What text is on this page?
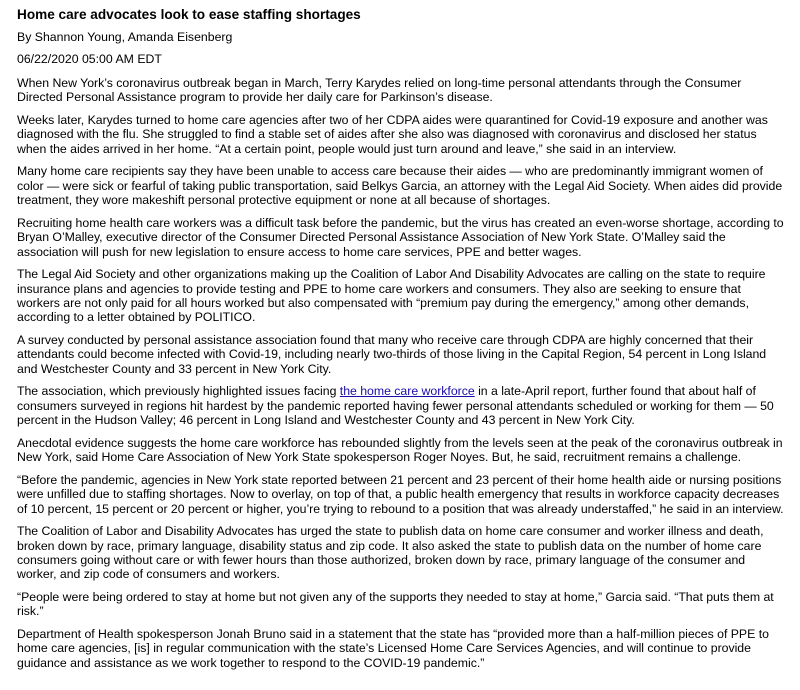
Home care advocates look to ease staffing shortages
By Shannon Young, Amanda Eisenberg
06/22/2020 05:00 AM EDT

When New York’s coronavirus outbreak began in March, Terry Karydes relied on long-time personal attendants through the Consumer Directed Personal Assistance program to provide her daily care for Parkinson’s disease.

Weeks later, Karydes turned to home care agencies after two of her CDPA aides were quarantined for Covid-19 exposure and another was diagnosed with the flu. She struggled to find a stable set of aides after she also was diagnosed with coronavirus and disclosed her status when the aides arrived in her home. “At a certain point, people would just turn around and leave,” she said in an interview.

Many home care recipients say they have been unable to access care because their aides — who are predominantly immigrant women of color — were sick or fearful of taking public transportation, said Belkys Garcia, an attorney with the Legal Aid Society. When aides did provide treatment, they wore makeshift personal protective equipment or none at all because of shortages.

Recruiting home health care workers was a difficult task before the pandemic, but the virus has created an even-worse shortage, according to Bryan O’Malley, executive director of the Consumer Directed Personal Assistance Association of New York State. O’Malley said the association will push for new legislation to ensure access to home care services, PPE and better wages.

The Legal Aid Society and other organizations making up the Coalition of Labor And Disability Advocates are calling on the state to require insurance plans and agencies to provide testing and PPE to home care workers and consumers. They also are seeking to ensure that workers are not only paid for all hours worked but also compensated with “premium pay during the emergency,” among other demands, according to a letter obtained by POLITICO.

A survey conducted by personal assistance association found that many who receive care through CDPA are highly concerned that their attendants could become infected with Covid-19, including nearly two-thirds of those living in the Capital Region, 54 percent in Long Island and Westchester County and 33 percent in New York City.

The association, which previously highlighted issues facing the home care workforce in a late-April report, further found that about half of consumers surveyed in regions hit hardest by the pandemic reported having fewer personal attendants scheduled or working for them — 50 percent in the Hudson Valley; 46 percent in Long Island and Westchester County and 43 percent in New York City.

Anecdotal evidence suggests the home care workforce has rebounded slightly from the levels seen at the peak of the coronavirus outbreak in New York, said Home Care Association of New York State spokesperson Roger Noyes. But, he said, recruitment remains a challenge.

“Before the pandemic, agencies in New York state reported between 21 percent and 23 percent of their home health aide or nursing positions were unfilled due to staffing shortages. Now to overlay, on top of that, a public health emergency that results in workforce capacity decreases of 10 percent, 15 percent or 20 percent or higher, you’re trying to rebound to a position that was already understaffed,” he said in an interview.

The Coalition of Labor and Disability Advocates has urged the state to publish data on home care consumer and worker illness and death, broken down by race, primary language, disability status and zip code. It also asked the state to publish data on the number of home care consumers going without care or with fewer hours than those authorized, broken down by race, primary language of the consumer and worker, and zip code of consumers and workers.

“People were being ordered to stay at home but not given any of the supports they needed to stay at home,” Garcia said. “That puts them at risk.”

Department of Health spokesperson Jonah Bruno said in a statement that the state has “provided more than a half-million pieces of PPE to home care agencies, [is] in regular communication with the state’s Licensed Home Care Services Agencies, and will continue to provide guidance and assistance as we work together to respond to the COVID-19 pandemic.”
